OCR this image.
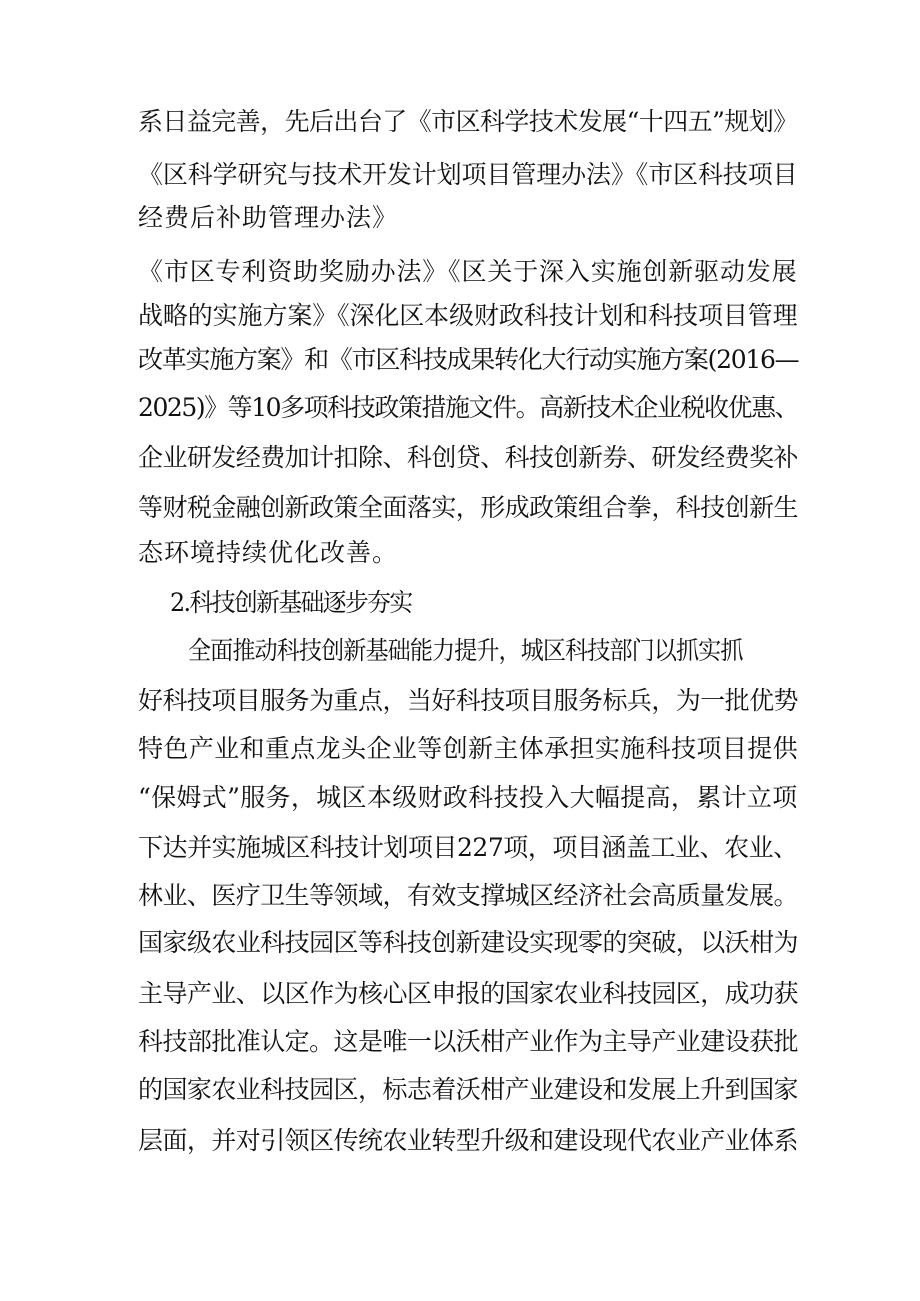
系日益完善，先后出台了《市区科学技术发展“十四五”规划》
《区科学研究与技术开发计划项目管理办法》《市区科技项目
经费后补助管理办法》
《市区专利资助奖励办法》《区关于深入实施创新驱动发展
战略的实施方案》《深化区本级财政科技计划和科技项目管理
改革实施方案》和《市区科技成果转化大行动实施方案(2016—
2025)》等10多项科技政策措施文件。高新技术企业税收优惠、
企业研发经费加计扣除、科创贷、科技创新券、研发经费奖补
等财税金融创新政策全面落实，形成政策组合拳，科技创新生
态环境持续优化改善。
2.科技创新基础逐步夯实
全面推动科技创新基础能力提升，城区科技部门以抓实抓
好科技项目服务为重点，当好科技项目服务标兵，为一批优势
特色产业和重点龙头企业等创新主体承担实施科技项目提供
“保姆式”服务，城区本级财政科技投入大幅提高，累计立项
下达并实施城区科技计划项目227项，项目涵盖工业、农业、
林业、医疗卫生等领域，有效支撑城区经济社会高质量发展。
国家级农业科技园区等科技创新建设实现零的突破，以沃柑为
主导产业、以区作为核心区申报的国家农业科技园区，成功获
科技部批准认定。这是唯一以沃柑产业作为主导产业建设获批
的国家农业科技园区，标志着沃柑产业建设和发展上升到国家
层面，并对引领区传统农业转型升级和建设现代农业产业体系
